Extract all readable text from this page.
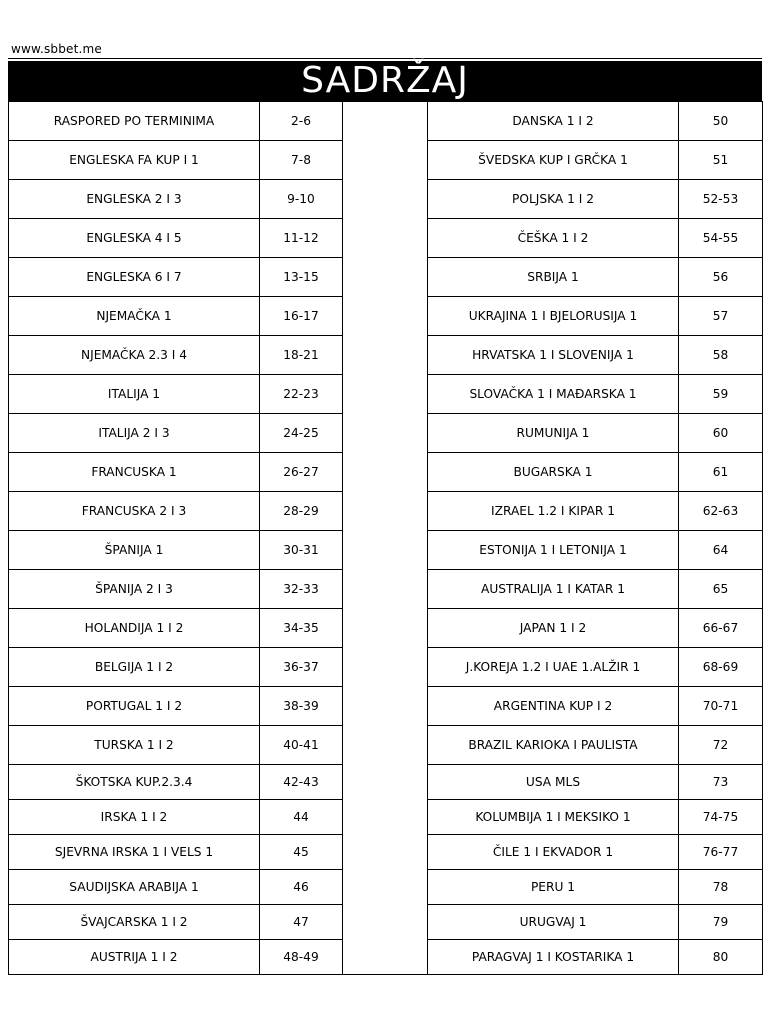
www.sbbet.me
SADRŽAJ
RASPORED PO TERMINIMA	2-6		DANSKA 1 I 2	50
ENGLESKA FA KUP I 1	7-8		ŠVEDSKA KUP I GRČKA 1	51
ENGLESKA 2 I 3	9-10		POLJSKA 1 I 2	52-53
ENGLESKA 4 I 5	11-12		ČEŠKA 1 I 2	54-55
ENGLESKA 6 I 7	13-15		SRBIJA 1	56
NJEMAČKA 1	16-17		UKRAJINA 1 I BJELORUSIJA 1	57
NJEMAČKA 2.3 I 4	18-21		HRVATSKA 1 I SLOVENIJA 1	58
ITALIJA 1	22-23		SLOVAČKA 1 I MAĐARSKA 1	59
ITALIJA 2 I 3	24-25		RUMUNIJA 1	60
FRANCUSKA 1	26-27		BUGARSKA 1	61
FRANCUSKA 2 I 3	28-29		IZRAEL 1.2 I KIPAR 1	62-63
ŠPANIJA 1	30-31		ESTONIJA 1 I LETONIJA 1	64
ŠPANIJA 2 I 3	32-33		AUSTRALIJA 1 I KATAR 1	65
HOLANDIJA 1 I 2	34-35		JAPAN 1 I 2	66-67
BELGIJA 1 I 2	36-37		J.KOREJA 1.2 I UAE 1.ALŽIR 1	68-69
PORTUGAL 1 I 2	38-39		ARGENTINA KUP I 2	70-71
TURSKA 1 I 2	40-41		BRAZIL KARIOKA I PAULISTA	72
ŠKOTSKA KUP.2.3.4	42-43		USA MLS	73
IRSKA 1 I 2	44		KOLUMBIJA 1 I MEKSIKO 1	74-75
SJEVRNA IRSKA 1 I VELS 1	45		ČILE 1 I EKVADOR 1	76-77
SAUDIJSKA ARABIJA 1	46		PERU 1	78
ŠVAJCARSKA 1 I 2	47		URUGVAJ 1	79
AUSTRIJA 1 I 2	48-49		PARAGVAJ 1 I KOSTARIKA 1	80
